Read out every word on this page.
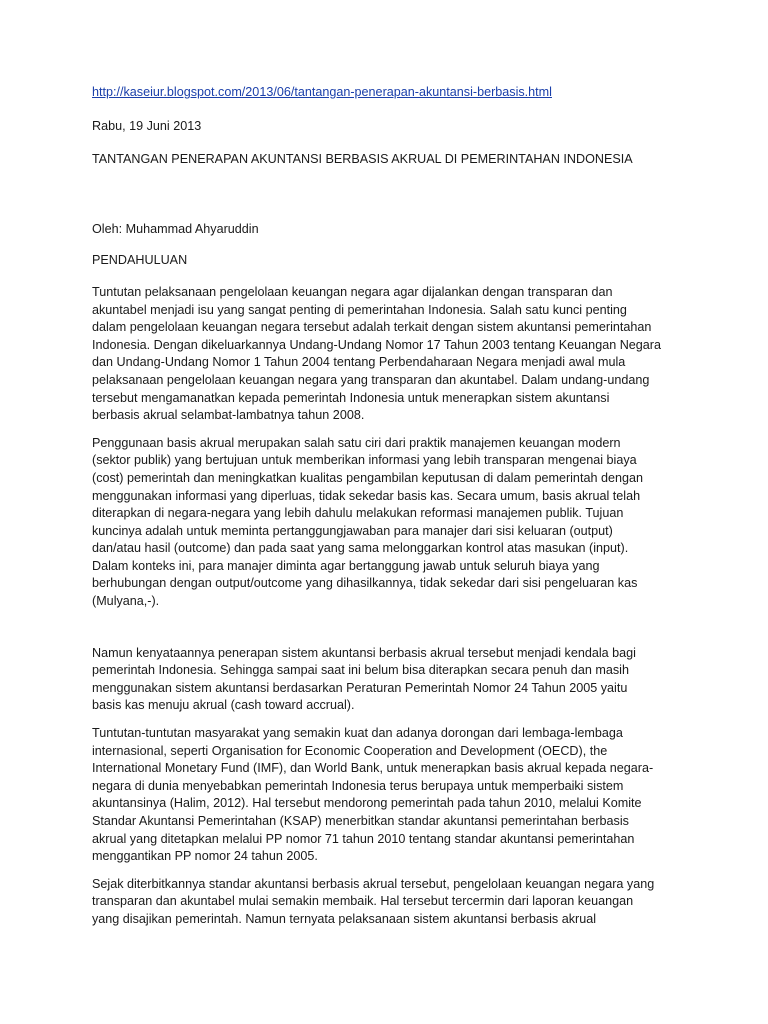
http://kaseiur.blogspot.com/2013/06/tantangan-penerapan-akuntansi-berbasis.html

Rabu, 19 Juni 2013

TANTANGAN PENERAPAN AKUNTANSI BERBASIS AKRUAL DI PEMERINTAHAN INDONESIA

Oleh: Muhammad Ahyaruddin

PENDAHULUAN

Tuntutan pelaksanaan pengelolaan keuangan negara agar dijalankan dengan transparan dan
akuntabel menjadi isu yang sangat penting di pemerintahan Indonesia. Salah satu kunci penting
dalam pengelolaan keuangan negara tersebut adalah terkait dengan sistem akuntansi pemerintahan
Indonesia. Dengan dikeluarkannya Undang-Undang Nomor 17 Tahun 2003 tentang Keuangan Negara
dan Undang-Undang Nomor 1 Tahun 2004 tentang Perbendaharaan Negara menjadi awal mula
pelaksanaan pengelolaan keuangan negara yang transparan dan akuntabel. Dalam undang-undang
tersebut mengamanatkan kepada pemerintah Indonesia untuk menerapkan sistem akuntansi
berbasis akrual selambat-lambatnya tahun 2008.

Penggunaan basis akrual merupakan salah satu ciri dari praktik manajemen keuangan modern
(sektor publik) yang bertujuan untuk memberikan informasi yang lebih transparan mengenai biaya
(cost) pemerintah dan meningkatkan kualitas pengambilan keputusan di dalam pemerintah dengan
menggunakan informasi yang diperluas, tidak sekedar basis kas. Secara umum, basis akrual telah
diterapkan di negara-negara yang lebih dahulu melakukan reformasi manajemen publik. Tujuan
kuncinya adalah untuk meminta pertanggungjawaban para manajer dari sisi keluaran (output)
dan/atau hasil (outcome) dan pada saat yang sama melonggarkan kontrol atas masukan (input).
Dalam konteks ini, para manajer diminta agar bertanggung jawab untuk seluruh biaya yang
berhubungan dengan output/outcome yang dihasilkannya, tidak sekedar dari sisi pengeluaran kas
(Mulyana,-).

Namun kenyataannya penerapan sistem akuntansi berbasis akrual tersebut menjadi kendala bagi
pemerintah Indonesia. Sehingga sampai saat ini belum bisa diterapkan secara penuh dan masih
menggunakan sistem akuntansi berdasarkan Peraturan Pemerintah Nomor 24 Tahun 2005 yaitu
basis kas menuju akrual (cash toward accrual).

Tuntutan-tuntutan masyarakat yang semakin kuat dan adanya dorongan dari lembaga-lembaga
internasional, seperti Organisation for Economic Cooperation and Development (OECD), the
International Monetary Fund (IMF), dan World Bank, untuk menerapkan basis akrual kepada negara-
negara di dunia menyebabkan pemerintah Indonesia terus berupaya untuk memperbaiki sistem
akuntansinya (Halim, 2012). Hal tersebut mendorong pemerintah pada tahun 2010, melalui Komite
Standar Akuntansi Pemerintahan (KSAP) menerbitkan standar akuntansi pemerintahan berbasis
akrual yang ditetapkan melalui PP nomor 71 tahun 2010 tentang standar akuntansi pemerintahan
menggantikan PP nomor 24 tahun 2005.

Sejak diterbitkannya standar akuntansi berbasis akrual tersebut, pengelolaan keuangan negara yang
transparan dan akuntabel mulai semakin membaik. Hal tersebut tercermin dari laporan keuangan
yang disajikan pemerintah. Namun ternyata pelaksanaan sistem akuntansi berbasis akrual
